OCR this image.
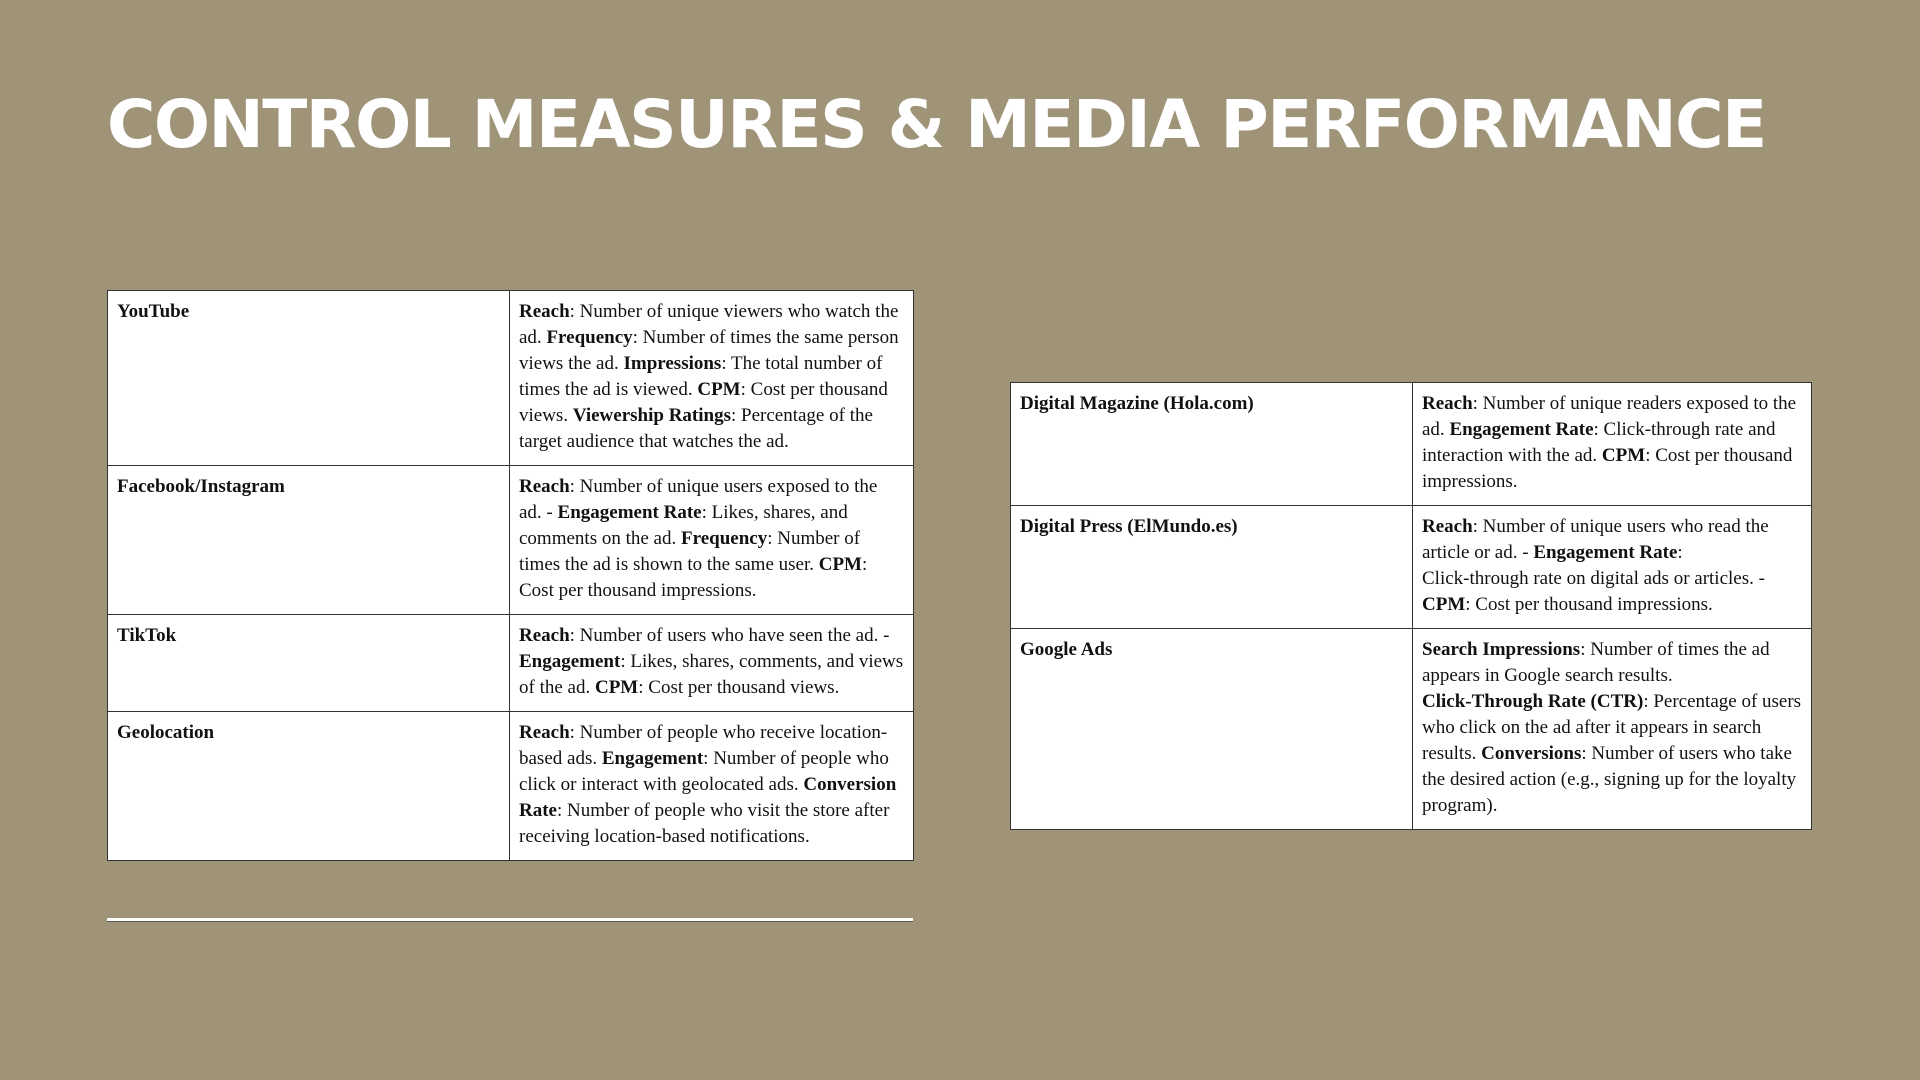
CONTROL MEASURES & MEDIA PERFORMANCE
YouTube	Reach: Number of unique viewers who watch the ad. Frequency: Number of times the same person views the ad. Impressions: The total number of times the ad is viewed. CPM: Cost per thousand views. Viewership Ratings: Percentage of the target audience that watches the ad.
Facebook/Instagram	Reach: Number of unique users exposed to the ad. - Engagement Rate: Likes, shares, and comments on the ad. Frequency: Number of times the ad is shown to the same user. CPM: Cost per thousand impressions.
TikTok	Reach: Number of users who have seen the ad. - Engagement: Likes, shares, comments, and views of the ad. CPM: Cost per thousand views.
Geolocation	Reach: Number of people who receive location-based ads. Engagement: Number of people who click or interact with geolocated ads. Conversion Rate: Number of people who visit the store after receiving location-based notifications.
Digital Magazine (Hola.com)	Reach: Number of unique readers exposed to the ad. Engagement Rate: Click-through rate and interaction with the ad. CPM: Cost per thousand impressions.
Digital Press (ElMundo.es)	Reach: Number of unique users who read the article or ad. - Engagement Rate:
Click-through rate on digital ads or articles. -
CPM: Cost per thousand impressions.
Google Ads	Search Impressions: Number of times the ad appears in Google search results.
Click-Through Rate (CTR): Percentage of users who click on the ad after it appears in search results. Conversions: Number of users who take the desired action (e.g., signing up for the loyalty program).
